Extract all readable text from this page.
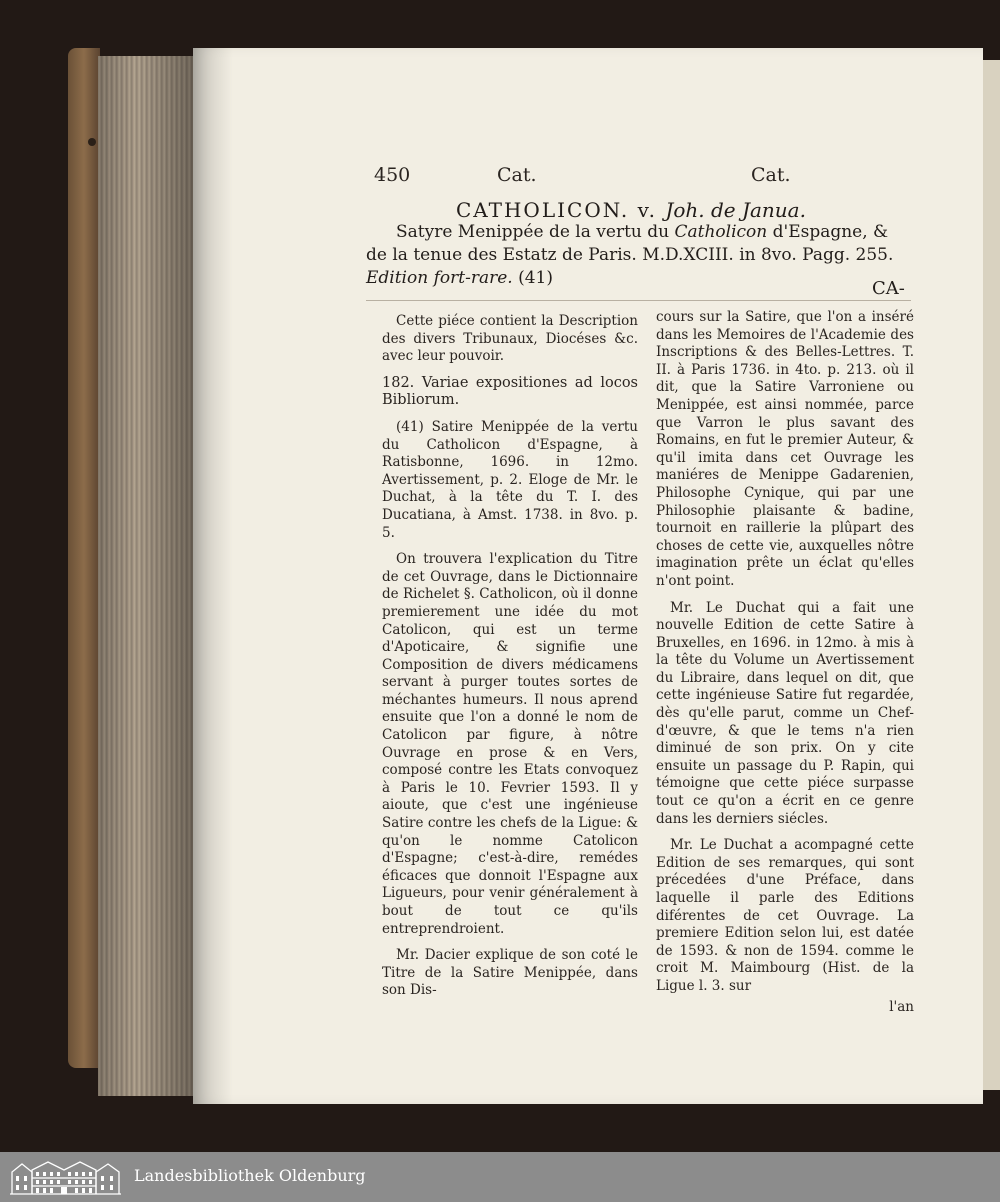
450	Cat.	Cat.
CATHOLICON. v. Joh. de Janua.
Satyre Menippée de la vertu du Catholicon d'Espagne, &
de la tenue des Estatz de Paris. M.D.XCIII. in 8vo. Pagg. 255.
Edition fort-rare. (41)	CA-

Cette piéce contient la Description des divers Tribunaux, Diocéses &c. avec leur pouvoir.

182. Variae expositiones ad locos Bibliorum.

(41) Satire Menippée de la vertu du Catholicon d'Espagne, à Ratisbonne, 1696. in 12mo. Avertissement, p. 2. Eloge de Mr. le Duchat, à la tête du T. I. des Ducatiana, à Amst. 1738. in 8vo. p. 5.

On trouvera l'explication du Titre de cet Ouvrage, dans le Dictionnaire de Richelet §. Catholicon, où il donne premierement une idée du mot Catolicon, qui est un terme d'Apoticaire, & signifie une Composition de divers médicamens servant à purger toutes sortes de méchantes humeurs. Il nous aprend ensuite que l'on a donné le nom de Catolicon par figure, à nôtre Ouvrage en prose & en Vers, composé contre les Etats convoquez à Paris le 10. Fevrier 1593. Il y aioute, que c'est une ingénieuse Satire contre les chefs de la Ligue: & qu'on le nomme Catolicon d'Espagne; c'est-à-dire, remédes éficaces que donnoit l'Espagne aux Ligueurs, pour venir généralement à bout de tout ce qu'ils entreprendroient.

Mr. Dacier explique de son coté le Titre de la Satire Menippée, dans son Dis-

cours sur la Satire, que l'on a inséré dans les Memoires de l'Academie des Inscriptions & des Belles-Lettres. T. II. à Paris 1736. in 4to. p. 213. où il dit, que la Satire Varroniene ou Menippée, est ainsi nommée, parce que Varron le plus savant des Romains, en fut le premier Auteur, & qu'il imita dans cet Ouvrage les maniéres de Menippe Gadarenien, Philosophe Cynique, qui par une Philosophie plaisante & badine, tournoit en raillerie la plûpart des choses de cette vie, auxquelles nôtre imagination prête un éclat qu'elles n'ont point.

Mr. Le Duchat qui a fait une nouvelle Edition de cette Satire à Bruxelles, en 1696. in 12mo. à mis à la tête du Volume un Avertissement du Libraire, dans lequel on dit, que cette ingénieuse Satire fut regardée, dès qu'elle parut, comme un Chef-d'œuvre, & que le tems n'a rien diminué de son prix. On y cite ensuite un passage du P. Rapin, qui témoigne que cette piéce surpasse tout ce qu'on a écrit en ce genre dans les derniers siécles.

Mr. Le Duchat a acompagné cette Edition de ses remarques, qui sont précedées d'une Préface, dans laquelle il parle des Editions diférentes de cet Ouvrage. La premiere Edition selon lui, est datée de 1593. & non de 1594. comme le croit M. Maimbourg (Hist. de la Ligue l. 3. sur

l'an

Landesbibliothek Oldenburg
